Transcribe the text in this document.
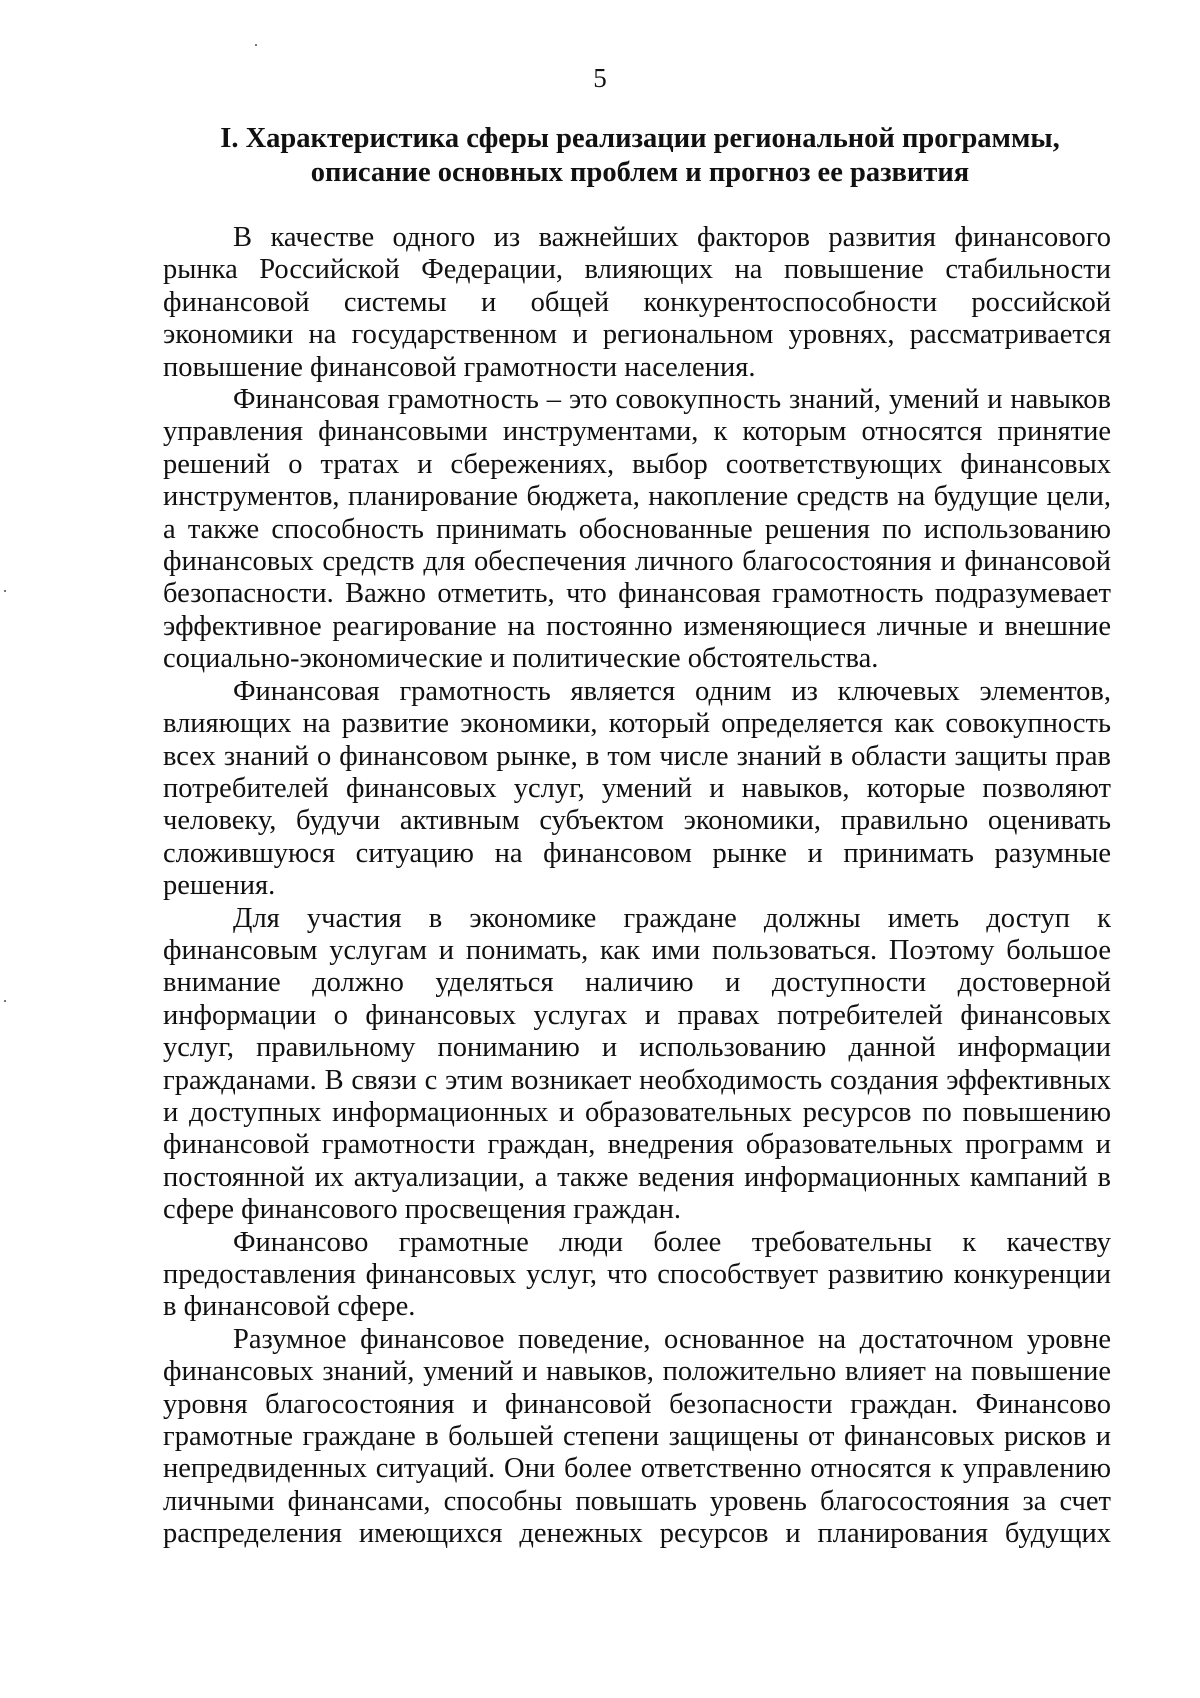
5
I. Характеристика сферы реализации региональной программы,
описание основных проблем и прогноз ее развития

В качестве одного из важнейших факторов развития финансового рынка Российской Федерации, влияющих на повышение стабильности финансовой системы и общей конкурентоспособности российской экономики на государственном и региональном уровнях, рассматривается повышение финансовой грамотности населения.

Финансовая грамотность – это совокупность знаний, умений и навыков управления финансовыми инструментами, к которым относятся принятие решений о тратах и сбережениях, выбор соответствующих финансовых инструментов, планирование бюджета, накопление средств на будущие цели, а также способность принимать обоснованные решения по использованию финансовых средств для обеспечения личного благосостояния и финансовой безопасности. Важно отметить, что финансовая грамотность подразумевает эффективное реагирование на постоянно изменяющиеся личные и внешние социально-экономические и политические обстоятельства.

Финансовая грамотность является одним из ключевых элементов, влияющих на развитие экономики, который определяется как совокупность всех знаний о финансовом рынке, в том числе знаний в области защиты прав потребителей финансовых услуг, умений и навыков, которые позволяют человеку, будучи активным субъектом экономики, правильно оценивать сложившуюся ситуацию на финансовом рынке и принимать разумные решения.

Для участия в экономике граждане должны иметь доступ к финансовым услугам и понимать, как ими пользоваться. Поэтому большое внимание должно уделяться наличию и доступности достоверной информации о финансовых услугах и правах потребителей финансовых услуг, правильному пониманию и использованию данной информации гражданами. В связи с этим возникает необходимость создания эффективных и доступных информационных и образовательных ресурсов по повышению финансовой грамотности граждан, внедрения образовательных программ и постоянной их актуализации, а также ведения информационных кампаний в сфере финансового просвещения граждан.

Финансово грамотные люди более требовательны к качеству предоставления финансовых услуг, что способствует развитию конкуренции в финансовой сфере.

Разумное финансовое поведение, основанное на достаточном уровне финансовых знаний, умений и навыков, положительно влияет на повышение уровня благосостояния и финансовой безопасности граждан. Финансово грамотные граждане в большей степени защищены от финансовых рисков и непредвиденных ситуаций. Они более ответственно относятся к управлению личными финансами, способны повышать уровень благосостояния за счет распределения имеющихся денежных ресурсов и планирования будущих
